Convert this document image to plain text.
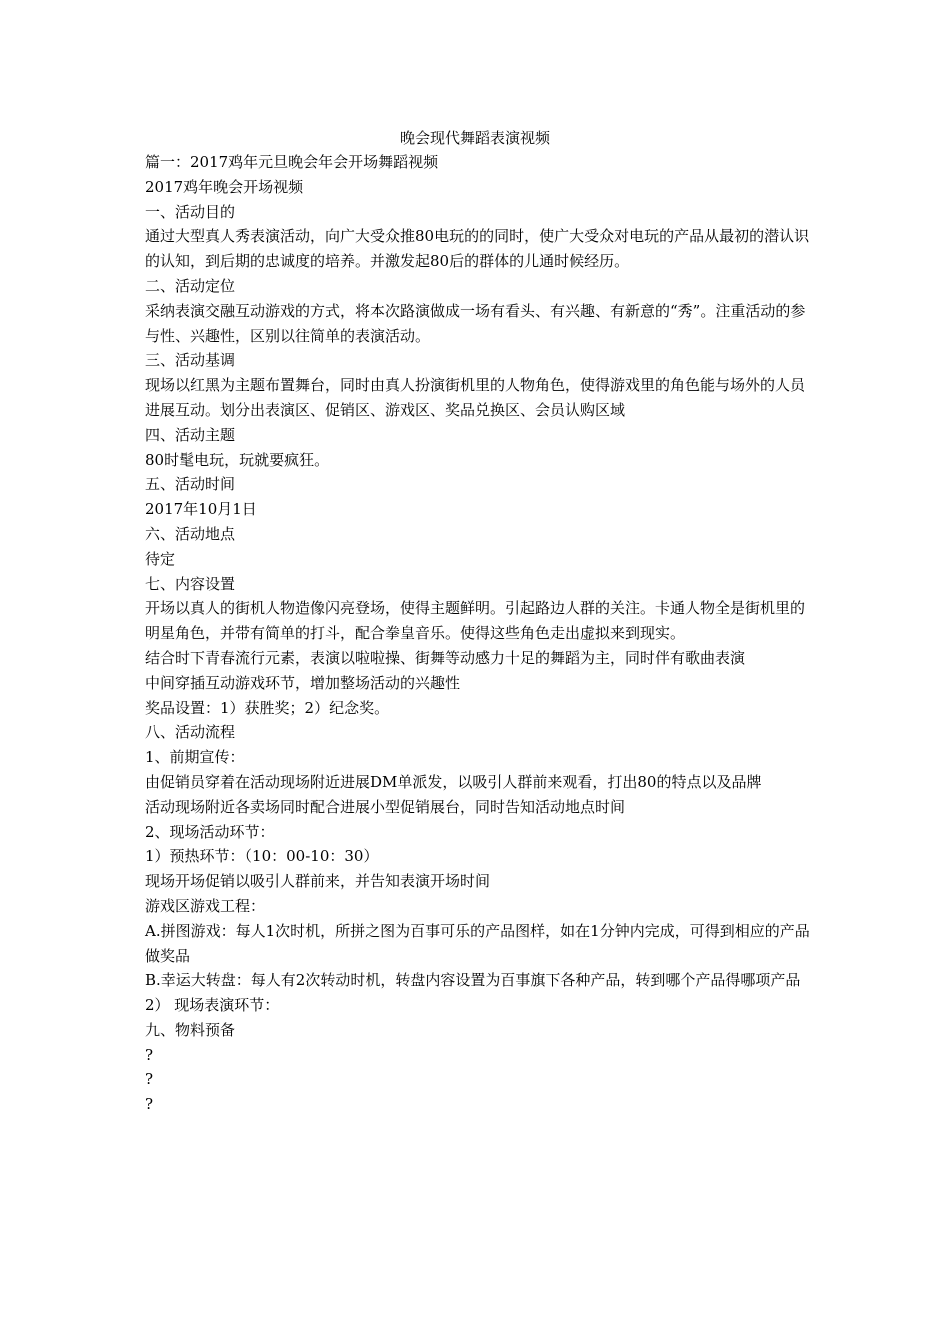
晚会现代舞蹈表演视频

篇一：2017鸡年元旦晚会年会开场舞蹈视频

2017鸡年晚会开场视频

一、活动目的

通过大型真人秀表演活动，向广大受众推80电玩的的同时，使广大受众对电玩的产品从最初的潜认识的认知，到后期的忠诚度的培养。并激发起80后的群体的儿通时候经历。

二、活动定位

采纳表演交融互动游戏的方式，将本次路演做成一场有看头、有兴趣、有新意的“秀”。注重活动的参与性、兴趣性，区别以往简单的表演活动。

三、活动基调

现场以红黑为主题布置舞台，同时由真人扮演街机里的人物角色，使得游戏里的角色能与场外的人员进展互动。划分出表演区、促销区、游戏区、奖品兑换区、会员认购区域

四、活动主题

80时髦电玩，玩就要疯狂。

五、活动时间

2017年10月1日

六、活动地点

待定

七、内容设置

开场以真人的街机人物造像闪亮登场，使得主题鲜明。引起路边人群的关注。卡通人物全是街机里的明星角色，并带有简单的打斗，配合拳皇音乐。使得这些角色走出虚拟来到现实。

结合时下青春流行元素，表演以啦啦操、街舞等动感力十足的舞蹈为主，同时伴有歌曲表演

中间穿插互动游戏环节，增加整场活动的兴趣性

奖品设置：1）获胜奖；2）纪念奖。

八、活动流程

1、前期宣传：

由促销员穿着在活动现场附近进展DM单派发，以吸引人群前来观看，打出80的特点以及品牌

活动现场附近各卖场同时配合进展小型促销展台，同时告知活动地点时间

2、现场活动环节：

1）预热环节：（10：00-10：30）

现场开场促销以吸引人群前来，并告知表演开场时间

游戏区游戏工程：

A.拼图游戏：每人1次时机，所拼之图为百事可乐的产品图样，如在1分钟内完成，可得到相应的产品做奖品

B.幸运大转盘：每人有2次转动时机，转盘内容设置为百事旗下各种产品，转到哪个产品得哪项产品

2） 现场表演环节：

九、物料预备

?

?

?
